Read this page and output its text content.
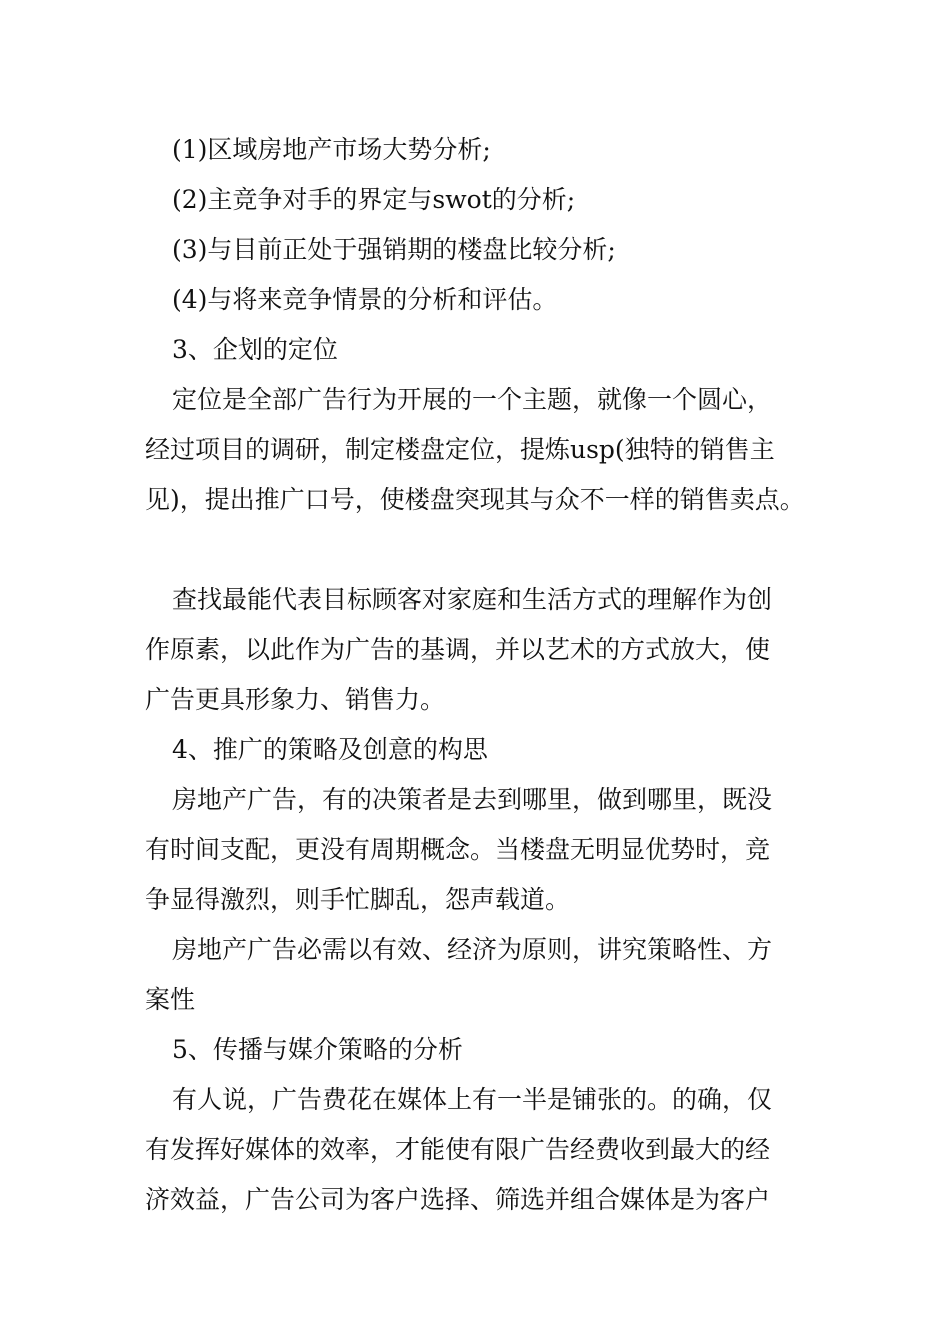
(1)区域房地产市场大势分析;
(2)主竞争对手的界定与swot的分析;
(3)与目前正处于强销期的楼盘比较分析;
(4)与将来竞争情景的分析和评估。
3、企划的定位
定位是全部广告行为开展的一个主题，就像一个圆心，
经过项目的调研，制定楼盘定位，提炼usp(独特的销售主
见)，提出推广口号，使楼盘突现其与众不一样的销售卖点。
查找最能代表目标顾客对家庭和生活方式的理解作为创
作原素，以此作为广告的基调，并以艺术的方式放大，使
广告更具形象力、销售力。
4、推广的策略及创意的构思
房地产广告，有的决策者是去到哪里，做到哪里，既没
有时间支配，更没有周期概念。当楼盘无明显优势时，竞
争显得激烈，则手忙脚乱，怨声载道。
房地产广告必需以有效、经济为原则，讲究策略性、方
案性
5、传播与媒介策略的分析
有人说，广告费花在媒体上有一半是铺张的。的确，仅
有发挥好媒体的效率，才能使有限广告经费收到最大的经
济效益，广告公司为客户选择、筛选并组合媒体是为客户
